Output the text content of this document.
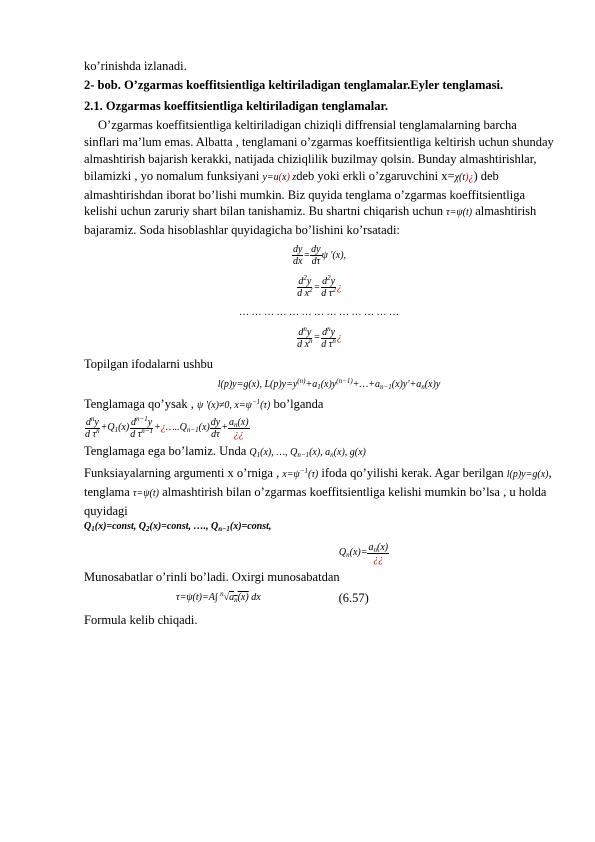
ko’rinishda izlanadi.

2- bob. O’zgarmas koeffitsientliga keltiriladigan tenglamalar.Eyler tenglamasi.

2.1. Ozgarmas koeffitsientliga keltiriladigan tenglamalar.

O’zgarmas koeffitsientliga keltiriladigan chiziqli diffrensial tenglamalarning barcha sinflari ma’lum emas. Albatta , tenglamani o’zgarmas koeffitsientliga keltirish uchun shunday almashtirish bajarish kerakki, natijada chiziqlilik buzilmay qolsin. Bunday almashtirishlar, bilamizki , yo nomalum funksiyani y=u(x) zdeb yoki erkli o’zgaruvchini x=χ(t)¿) deb almashtirishdan iborat bo’lishi mumkin. Biz quyida tenglama o’zgarmas koeffitsientliga kelishi uchun zaruriy shart bilan tanishamiz. Bu shartni chiqarish uchun τ=ψ(t) almashtirish bajaramiz. Soda hisoblashlar quyidagicha bo’lishini ko’rsatadi:

$\frac{dy}{dx} = \frac{dy}{d\tau}$ ψ '(x),
$\frac{d^2y}{d x^2} = \frac{d^2y}{d \tau^2}$ ¿
… … … … … … … … … … … … …
$\frac{d^ny}{d x^n} = \frac{d^ny}{d \tau^n}$ ¿

Topilgan ifodalarni ushbu

l(p)y=g(x), $L(p)y=y^{(n)}+a_1(x)y^{(n-1)}+\dots+a_{n-1}(x)y'+a_n(x)y$

Tenglamaga qo’ysak , ψ '(x)≠0, $x=\psi^{-1}(\tau)$ bo’lganda

$\frac{d^ny}{d \tau^n} +Q_1(x) \frac{d^{n-1}y}{d \tau^{n-1}}$ $+¿\dots..Q_{n-1}(x) \frac{dy}{d\tau} + \frac{a_n(x)}{¿¿}$

Tenglamaga ega bo’lamiz. Unda $Q_1(x)$, …, $Q_{n-1}(x)$, $a_n(x)$, g(x)

Funksiayalarning argumenti x o’rniga , $x=\psi^{-1}(\tau)$ ifoda qo’yilishi kerak. Agar berilgan l(p)y=g(x), tenglama τ=ψ(t) almashtirish bilan o’zgarmas koeffitsientliga kelishi mumkin bo’lsa , u holda quyidagi

$Q_1(x)=const$, $Q_2(x)=const$, …., $Q_{n-1}(x)=const$,

$Q_n(x)= \frac{a_n(x)}{¿¿}$

Munosabatlar o’rinli bo’ladi. Oxirgi munosabatdan

τ=ψ(t)=A∫ $^n√a_n(x)$ dx	(6.57)

Formula kelib chiqadi.
